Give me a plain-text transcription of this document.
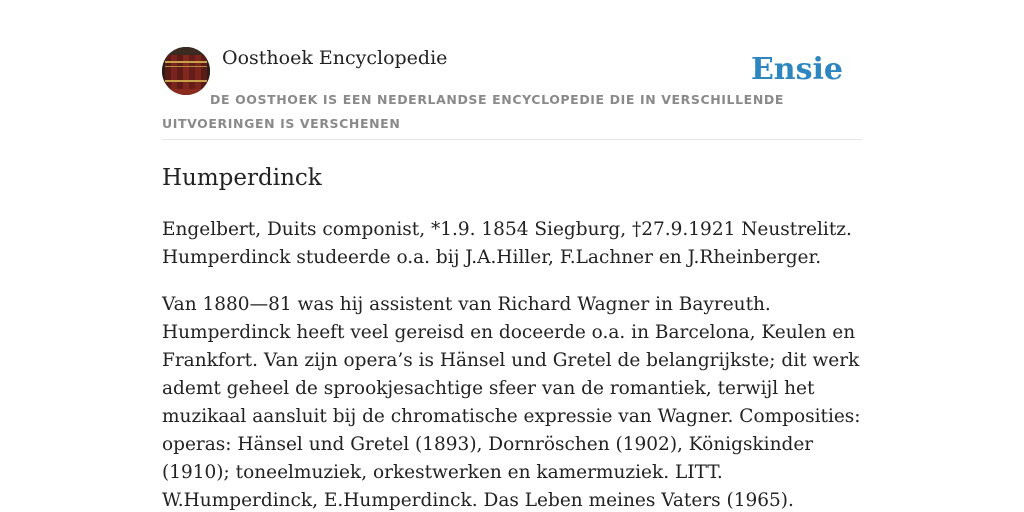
Oosthoek Encyclopedie	Ensie
DE OOSTHOEK IS EEN NEDERLANDSE ENCYCLOPEDIE DIE IN VERSCHILLENDE UITVOERINGEN IS VERSCHENEN
Humperdinck

Engelbert, Duits componist, *1.9. 1854 Siegburg, †27.9.1921 Neustrelitz. Humperdinck studeerde o.a. bij J.A.Hiller, F.Lachner en J.Rheinberger.

Van 1880—81 was hij assistent van Richard Wagner in Bayreuth. Humperdinck heeft veel gereisd en doceerde o.a. in Barcelona, Keulen en Frankfort. Van zijn opera’s is Hänsel und Gretel de belangrijkste; dit werk ademt geheel de sprookjesachtige sfeer van de romantiek, terwijl het muzikaal aansluit bij de chromatische expressie van Wagner. Composities: operas: Hänsel und Gretel (1893), Dornröschen (1902), Königskinder (1910); toneelmuziek, orkestwerken en kamermuziek. LITT. W.Humperdinck, E.Humperdinck. Das Leben meines Vaters (1965).
